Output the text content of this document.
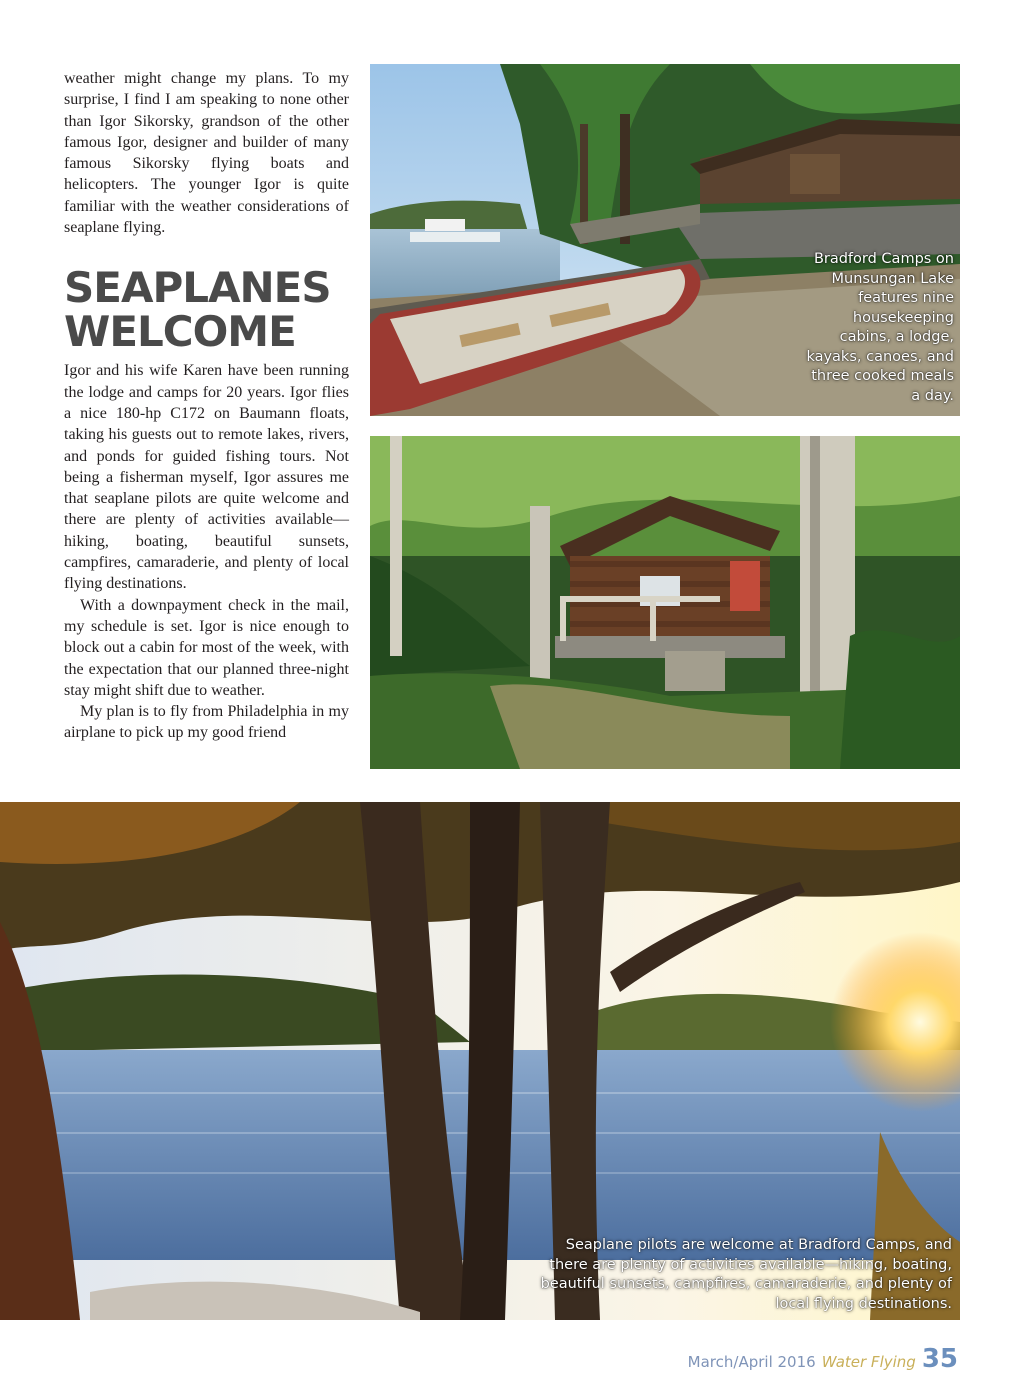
weather might change my plans. To my surprise, I find I am speaking to none other than Igor Sikorsky, grandson of the other famous Igor, designer and builder of many famous Sikorsky flying boats and helicopters. The younger Igor is quite familiar with the weather considerations of seaplane flying.

SEAPLANES
WELCOME

Igor and his wife Karen have been running the lodge and camps for 20 years. Igor flies a nice 180-hp C172 on Baumann floats, taking his guests out to remote lakes, rivers, and ponds for guided fishing tours. Not being a fisherman myself, Igor assures me that seaplane pilots are quite welcome and there are plenty of activities available—hiking, boating, beautiful sunsets, campfires, camaraderie, and plenty of local flying destinations.

With a downpayment check in the mail, my schedule is set. Igor is nice enough to block out a cabin for most of the week, with the expectation that our planned three-night stay might shift due to weather.

My plan is to fly from Philadelphia in my airplane to pick up my good friend

Bradford Camps on Munsungan Lake features nine housekeeping cabins, a lodge, kayaks, canoes, and three cooked meals a day.
Seaplane pilots are welcome at Bradford Camps, and there are plenty of activities available—hiking, boating, beautiful sunsets, campfires, camaraderie, and plenty of local flying destinations.
March/April 2016 Water Flying 35
